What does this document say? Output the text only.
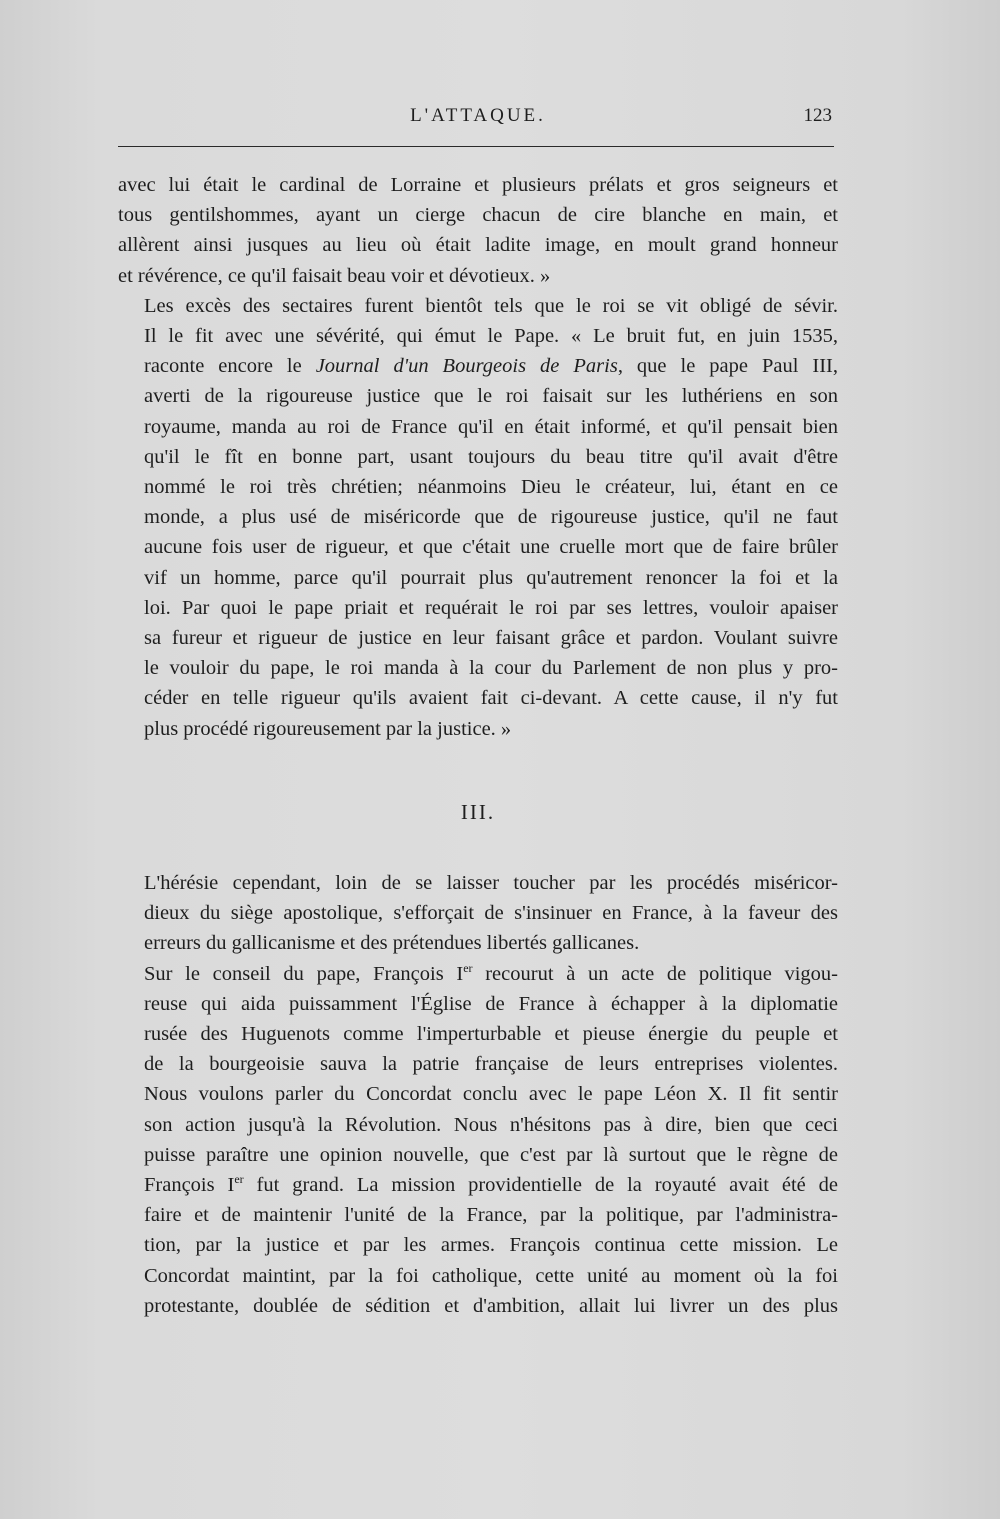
L'ATTAQUE.	123

avec lui était le cardinal de Lorraine et plusieurs prélats et gros seigneurs et
tous gentilshommes, ayant un cierge chacun de cire blanche en main, et
allèrent ainsi jusques au lieu où était ladite image, en moult grand honneur
et révérence, ce qu'il faisait beau voir et dévotieux. »

Les excès des sectaires furent bientôt tels que le roi se vit obligé de sévir.
Il le fit avec une sévérité, qui émut le Pape. « Le bruit fut, en juin 1535,
raconte encore le Journal d'un Bourgeois de Paris, que le pape Paul III,
averti de la rigoureuse justice que le roi faisait sur les luthériens en son
royaume, manda au roi de France qu'il en était informé, et qu'il pensait bien
qu'il le fît en bonne part, usant toujours du beau titre qu'il avait d'être
nommé le roi très chrétien; néanmoins Dieu le créateur, lui, étant en ce
monde, a plus usé de miséricorde que de rigoureuse justice, qu'il ne faut
aucune fois user de rigueur, et que c'était une cruelle mort que de faire brûler
vif un homme, parce qu'il pourrait plus qu'autrement renoncer la foi et la
loi. Par quoi le pape priait et requérait le roi par ses lettres, vouloir apaiser
sa fureur et rigueur de justice en leur faisant grâce et pardon. Voulant suivre
le vouloir du pape, le roi manda à la cour du Parlement de non plus y pro-
céder en telle rigueur qu'ils avaient fait ci-devant. A cette cause, il n'y fut
plus procédé rigoureusement par la justice. »

III.

L'hérésie cependant, loin de se laisser toucher par les procédés miséricor-
dieux du siège apostolique, s'efforçait de s'insinuer en France, à la faveur des
erreurs du gallicanisme et des prétendues libertés gallicanes.

Sur le conseil du pape, François Ier recourut à un acte de politique vigou-
reuse qui aida puissamment l'Église de France à échapper à la diplomatie
rusée des Huguenots comme l'imperturbable et pieuse énergie du peuple et
de la bourgeoisie sauva la patrie française de leurs entreprises violentes.
Nous voulons parler du Concordat conclu avec le pape Léon X. Il fit sentir
son action jusqu'à la Révolution. Nous n'hésitons pas à dire, bien que ceci
puisse paraître une opinion nouvelle, que c'est par là surtout que le règne de
François Ier fut grand. La mission providentielle de la royauté avait été de
faire et de maintenir l'unité de la France, par la politique, par l'administra-
tion, par la justice et par les armes. François continua cette mission. Le
Concordat maintint, par la foi catholique, cette unité au moment où la foi
protestante, doublée de sédition et d'ambition, allait lui livrer un des plus
